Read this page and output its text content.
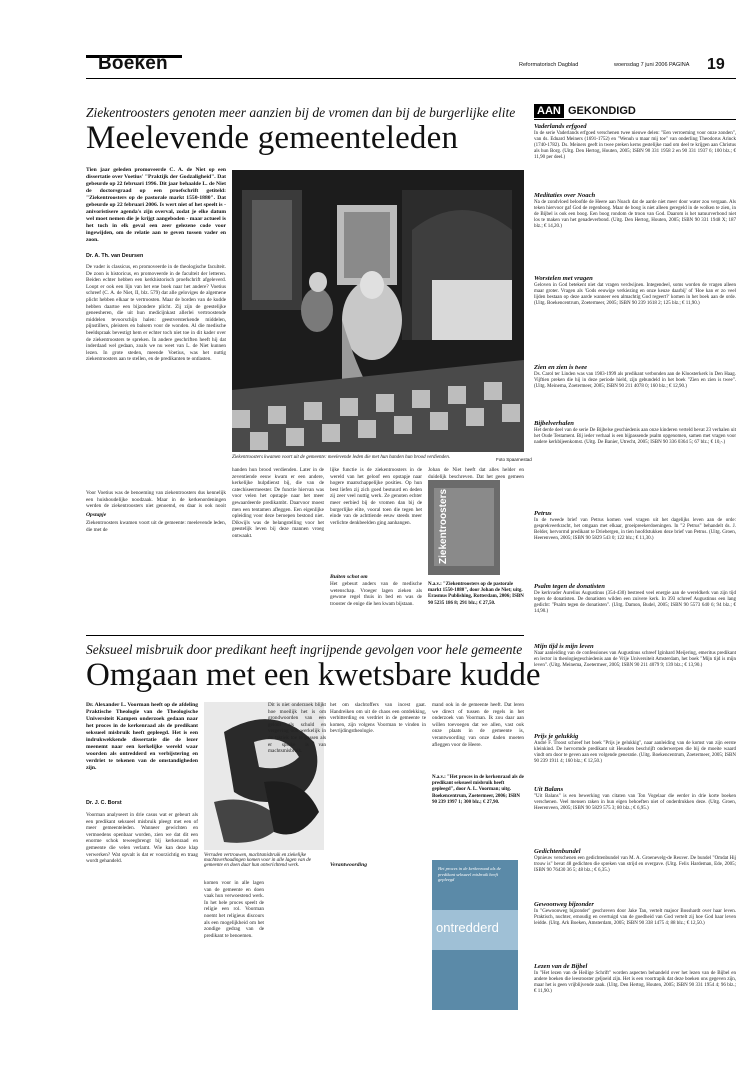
Boeken	Reformatorisch Dagblad	woensdag 7 juni 2006 PAGINA 19
Ziekentroosters genoten meer aanzien bij de vromen dan bij de burgerlijke elite
Meelevende gemeenteleden
Tien jaar geleden promoveerde C. A. de Niet op een dissertatie over Voetius' "Praktijk der Godzaligheid". Dat gebeurde op 22 februari 1996. Dit jaar behaalde L. de Niet de doctorsgraad op een proefschrift getiteld: "Ziekentroosters op de pastorale markt 1550-1880". Dat gebeurde op 22 februari 2006. Is wert niet of het speelt is - anivoristisere agenda's zijn overval, zodat je elke datum wel moet nemen die je krijgt aangeboden - maar actueel is het toch in elk geval een zeer gelezene code voor ingewijden, om de relatie aan te geven tussen vader en zoon.
Dr. A. Th. van Deursen
De vader is classicus, en promoveerde in de theologische faculteit. De zoon is historicus, en promoveerde in de faculteit der letteren. Beiden echter hebben een kerkhistorisch proefschrift afgeleverd. Loopt er ook een lijn van het ene boek naar het andere? Voetius schreef (C. A. de Niet, II, blz. 579) dat alle geloviges de algemene plicht hebben elkaar te vertroosten. Maar de borden van de kudde hebben daartoe een bijzondere plicht. Zij zijn de geestelijke geneesheren, die uit hun medicijnkast allerlei vertroostende middelen tevoorschijn halen: geestversterkende middelen, pijnstillers, pleisters en balsem voor de wonden. Al die medische beeldspraak bevestigt hem er echter toch niet toe in dit kader over de ziekentroosters te spreken. In andere geschriften heeft hij dat inderdaad wel gedaan, zoals we nu weet van L. de Niet kunnen lezen. In grote steden, meende Voetius, was het nuttig ziekentroosters aan te stellen, en de predikanten te ontlasten.
Voor Voetius was de benoeming van ziekentroosters dus kennelijk een huishoudelijke noodzaak. Maar in de kerkenordeningen werden de ziekentroosters niet genoemd, en daar is ook nooit
Opstapje
Ziekentroosters kwamen voort uit de gemeente: meelevende leden, die met de
Ziekentroosters kwamen voort uit de gemeente: meelevende leden die met hun handen hun brood verdienden.	Foto Spaarnestad
handen hun brood verdienden. Later in de zeventiende eeuw kwam er een andere, kerkelijke hulpdienst bij, die van de catechiseermeester. De functie hiervan was voor velen het opstapje naar het meer gewaardeerde predikambt. Daarvoor moest men een tentamen afleggen. Een eigenlijke opleiding voor deze beroepen bestond niet. Dikwijls was de belangstelling voor het geestelijk leven bij deze mannen vroeg ontwaakt.
lijke functie is de ziekentroosters in de wereld van het geloof een opstapje naar hogere maatschappelijke posities. Op hun best liefen zij zich goed bestuurd en deden zij zeer veel nuttig werk. Ze genoten echter meer eerbied bij de vromen dan bij de burgerlijke elite, vooral toen die tegen het einde van de achttiende eeuw steeds meer verlichte denkbeelden ging aanhangen.
Buiten schot om
Het gebeurt anders van de medische wetenschap. Vroeger lagen zieken als gewone regel thuis in bed en was de trooster de enige die hen kwam bijstaan.
Johan de Niet heeft dat alles helder en duidelijk beschreven. Dat het geen gemeen
Ziekentroosters
N.a.v.: "Ziekentroosters op de pastorale markt 1550-1880", door Johan de Niet; uitg. Erasmus Publishing, Rotterdam, 2006; ISBN 90 5235 186 8; 291 blz.; € 27,50.
Seksueel misbruik door predikant heeft ingrijpende gevolgen voor hele gemeente
Omgaan met een kwetsbare kudde
Dr. Alexander L. Voorman heeft op de afdeling Praktische Theologie van de Theologische Universiteit Kampen onderzoek gedaan naar het proces in de kerkenraad als de predikant seksueel misbruik heeft gepleegd. Het is een indrukwekkende dissertatie die de lezer meenemt naar een kerkelijke wereld waar woorden als ontredderd en verbijstering en verdriet te tekenen van de omstandigheden zijn.
Dr. J. C. Borst
Voorman analyseert in drie casus wat er gebeurt als een predikant seksueel misbruik pleegt met een of meer gemeenteleden. Wanneer gewichten en vermoedens openbaar worden, zien we dat dit een enorme schok teweegbrengt bij kerkenraad en gemeente die velen verlamt. Wie kan deze klap verwerken? Wat opvalt is dat er voorzichtig en traag wordt gehandeld.
Verraden vertrouwen, machtsmisbruik en ziekelijke machtsverhoudingen komen voor in alle lagen van de gemeente en doen daar hun ontwrichtend werk.
komen voor in alle lagen van de gemeente en doen vaak hun verwoestend werk. In het hele proces speelt de religie een rol. Voorman noemt het religieus discours als een mogelijkheid om het zondige gedrag van de predikant te benoemen.
Dit is niet onderzoek blijkt hoe moeilijk het is om grondwoorden van een geloof als schuld en vergeving ook werkelijk in de taktiek toe te passen als er sprake is van machtsmisbruik.
het om slachtoffers van incest gaat. Handreiken om uit de chaos een ontdekking, verbitterding en verdriet in de gemeente te komen, zijn volgens Voorman te vinden in bevrijdingstheologie.
Verantwoording
mand ook in de gemeente heeft. Dat leren we direct of tussen de regels in het onderzoek van Voorman. Ik zou daar aan willen toevoegen dat we allen, vast ook onze plaats in de gemeente is, verantwoording van onze daden moeten afleggen voor de Heere.
N.a.v.: "Het proces in de kerkenraad als de predikant seksueel misbruik heeft gepleegd", door A. L. Voorman; uitg. Boekencentrum, Zoetermeer, 2006; ISBN 90 239 1997 1; 300 blz.; € 27,90.
Het proces in de kerkenraad als de predikant seksueel misbruik heeft gepleegd
ontredderd
AAN GEKONDIGD
Vaderlands erfgoed

In de serie Vaderlands erfgoed verschenen twee nieuwe delen: "Een verroeming voor onze zonden", van ds. Eduard Meiners (1691-1752) en "Wenuh u maar mij toe" van onderling Theodorus Arinck (1740-1782). Ds. Meiners geeft in twee preken kerns gestelijke raad om deel te krijgen aan Christus als hun Borg. (Uitg. Den Hertog, Houten, 2005; ISBN 90 331 1958 2 en 90 331 1937 6; 100 blz.; € 11,90 per deel.)

Meditaties over Noach

Na de zondvloed beloofde de Heere aan Noach dat de aarde niet meer door water zou vergaan. Als teken hiervoor gaf God de regenboog. Maar de boog is niet alleen geregeld in de wolken te zien, in de Bijbel is ook een boog. Een boog rondom de troon van God. Daarom is het natuurverbond niet los te maken van het genadeverbond. (Uitg. Den Hertog, Houten, 2005; ISBN 90 331 1948 X; 187 blz.; € 14,20.)

Worstelen met vragen

Geloven in God betekent niet dat vragen verdwijnen. Integendeel, soms worden de vragen alleen maar groter. Vragen als 'Gods eeuwige verkiezing en onze keuze daarbij' of 'Hoe kan er zo veel lijden bestaan op deze aarde wanneer een almachtig God regeert?' komen in het boek aan de orde. (Uitg. Boekencentrum, Zoetermeer, 2005; ISBN 90 239 1618 2; 125 blz.; € 11,90.)

Zien en zien is twee

Ds. Carol ter Linden was van 1983-1999 als predikant verbonden aan de Kloosterkerk in Den Haag. Vijftien preken die hij in deze periode hield, zijn gebundeld in het boek "Zien en zien is twee". (Uitg. Meinema, Zoetermeer, 2005; ISBN 90 211 4078 0; 160 blz.; € 12,90.)

Bijbelverhalen

Het derde deel van de serie De Bijbelse geschiedenis aan onze kinderen verteld bevat 23 verhalen uit het Oude Testament. Bij ieder verhaal is een bijpassende psalm opgenomen, samen met vragen voor nadere kerkbijeenkomst. (Uitg. De Banier, Utrecht, 2005; ISBN 90 336 0364 5; 67 blz.; € 10,-.)

Petrus

In de tweede brief van Petrus komen veel vragen uit het dagelijks leven aan de orde: gesprekveerkracht, het omgaan met elkaar, groeipreekerdoeningen. In "2 Petrus" behandelt ds. J. Belder, hervormd predikant te Driebergen, in tien hoofdstukken deze brief van Petrus. (Uitg. Groen, Heerenveen, 2005; ISBN 90 5829 543 0; 122 blz.; € 11,30.)

Psalm tegen de donatisten

De kerkvader Aurelius Augustinus (354-430) bestreed veel energie aan de wereldkerk van zijn tijd tegen de donatisten. De donatisten wilden een zuivere kerk. In 393 schreef Augustinus een lang gedicht: "Psalm tegen de donatisten". (Uitg. Damon, Budel, 2005; ISBN 90 5573 640 6; 94 blz.; € 14,90.)

Mijn tijd is mijn leven

Naar aanleiding van de confessiones van Augustinus schreef Iginhard Meijering, emeritus predikant en lector in theologiegeschiedenis aan de Vrije Universiteit Amsterdam, het boek "Mijn tijd is mijn leven". (Uitg. Meinema, Zoetermeer, 2005; ISBN 90 211 4079 9; 139 blz.; € 13,90.)

Prijs je gelukkig

André F. Troost schreef het boek "Prijs je gelukkig", naar aanleiding van de komst van zijn eerste kleinkind. De hervormde predikant uit Heusden beschrijft onderwerpen die bij de moeite waard vindt om door te geven aan een volgende generatie. (Uitg. Boekencentrum, Zoetermeer, 2005; ISBN 90 239 1911 4; 160 blz.; € 12,50.)

Uit Balans

"Uit Balans" is een bewerking van citaten van Ton Vogelaar die eerder in drie korte boeken verschenen. Veel mensen raken in hun eigen behoeften niet of onderdrukken deze. (Uitg. Groen, Heerenveen, 2005; ISBN 90 5829 575 3; 80 blz.; € 6,95.)

Gedichtenbundel

Opnieuw verschenen een gedichtenbundel van M. A. Groenevelg-de Reuver. De bundel "Omdat Hij trouw is" bevat 48 gedichten die spreken van strijd en overgave. (Uitg. Felix Hardeman, Ede, 2005; ISBN 90 76430 36 5; 48 blz.; € 6,35.)

Gewoonweg bijzonder

In "Gewoonweg bijzonder" geschreven door Jake Tan, vertelt majoor Bosshardt over haar leven. Praktisch, nuchter, ernoudig en overtuigd van de goedheid van God vertelt zij hoe God haar leven leidde. (Uitg. Ark Boeken, Amsterdam, 2005; ISBN 90 338 1475 4; 88 blz.; € 12,50.)

Lezen van de Bijbel

In "Het lezen van de Heilige Schrift" worden aspecten behandeld over het lezen van de Bijbel en andere boeken die leesrooster geljoeid zijn. Het is een voortrapik dat deze boeken ons gegeven zijn, maar het is geen vrijblijvende zaak. (Uitg. Den Hertog, Houten, 2005; ISBN 90 331 1954 4; 96 blz.; € 11,90.)
